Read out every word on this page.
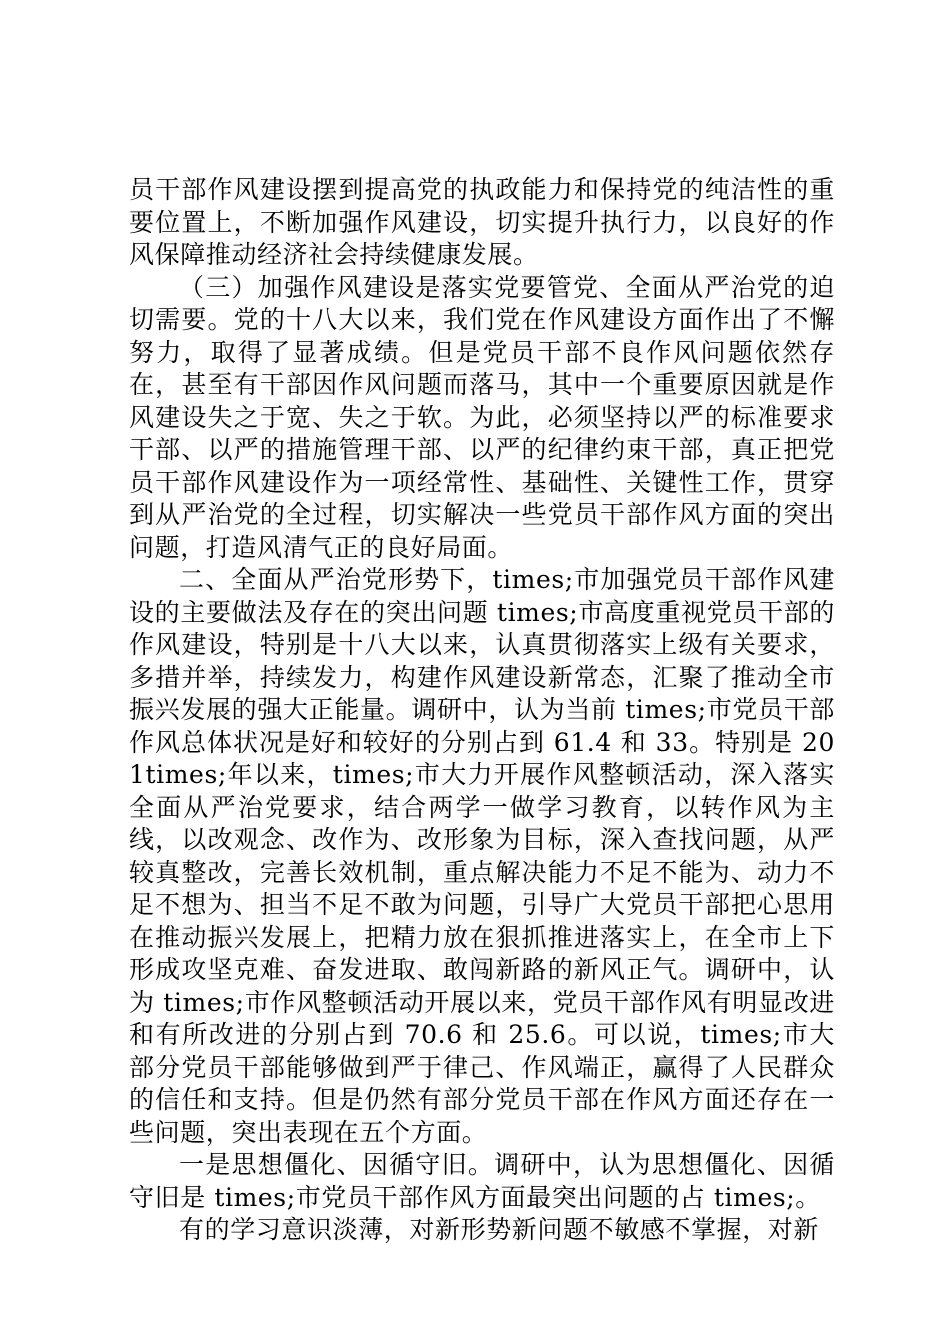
员干部作风建设摆到提高党的执政能力和保持党的纯洁性的重要位置上，不断加强作风建设，切实提升执行力，以良好的作风保障推动经济社会持续健康发展。

（三）加强作风建设是落实党要管党、全面从严治党的迫切需要。党的十八大以来，我们党在作风建设方面作出了不懈努力，取得了显著成绩。但是党员干部不良作风问题依然存在，甚至有干部因作风问题而落马，其中一个重要原因就是作风建设失之于宽、失之于软。为此，必须坚持以严的标准要求干部、以严的措施管理干部、以严的纪律约束干部，真正把党员干部作风建设作为一项经常性、基础性、关键性工作，贯穿到从严治党的全过程，切实解决一些党员干部作风方面的突出问题，打造风清气正的良好局面。

二、全面从严治党形势下，times;市加强党员干部作风建设的主要做法及存在的突出问题 times;市高度重视党员干部的作风建设，特别是十八大以来，认真贯彻落实上级有关要求，多措并举，持续发力，构建作风建设新常态，汇聚了推动全市振兴发展的强大正能量。调研中，认为当前 times;市党员干部作风总体状况是好和较好的分别占到 61.4 和 33。特别是 201times;年以来，times;市大力开展作风整顿活动，深入落实全面从严治党要求，结合两学一做学习教育，以转作风为主线，以改观念、改作为、改形象为目标，深入查找问题，从严较真整改，完善长效机制，重点解决能力不足不能为、动力不足不想为、担当不足不敢为问题，引导广大党员干部把心思用在推动振兴发展上，把精力放在狠抓推进落实上，在全市上下形成攻坚克难、奋发进取、敢闯新路的新风正气。调研中，认为 times;市作风整顿活动开展以来，党员干部作风有明显改进和有所改进的分别占到 70.6 和 25.6。可以说，times;市大部分党员干部能够做到严于律己、作风端正，赢得了人民群众的信任和支持。但是仍然有部分党员干部在作风方面还存在一些问题，突出表现在五个方面。

一是思想僵化、因循守旧。调研中，认为思想僵化、因循守旧是 times;市党员干部作风方面最突出问题的占 times;。

有的学习意识淡薄，对新形势新问题不敏感不掌握，对新
